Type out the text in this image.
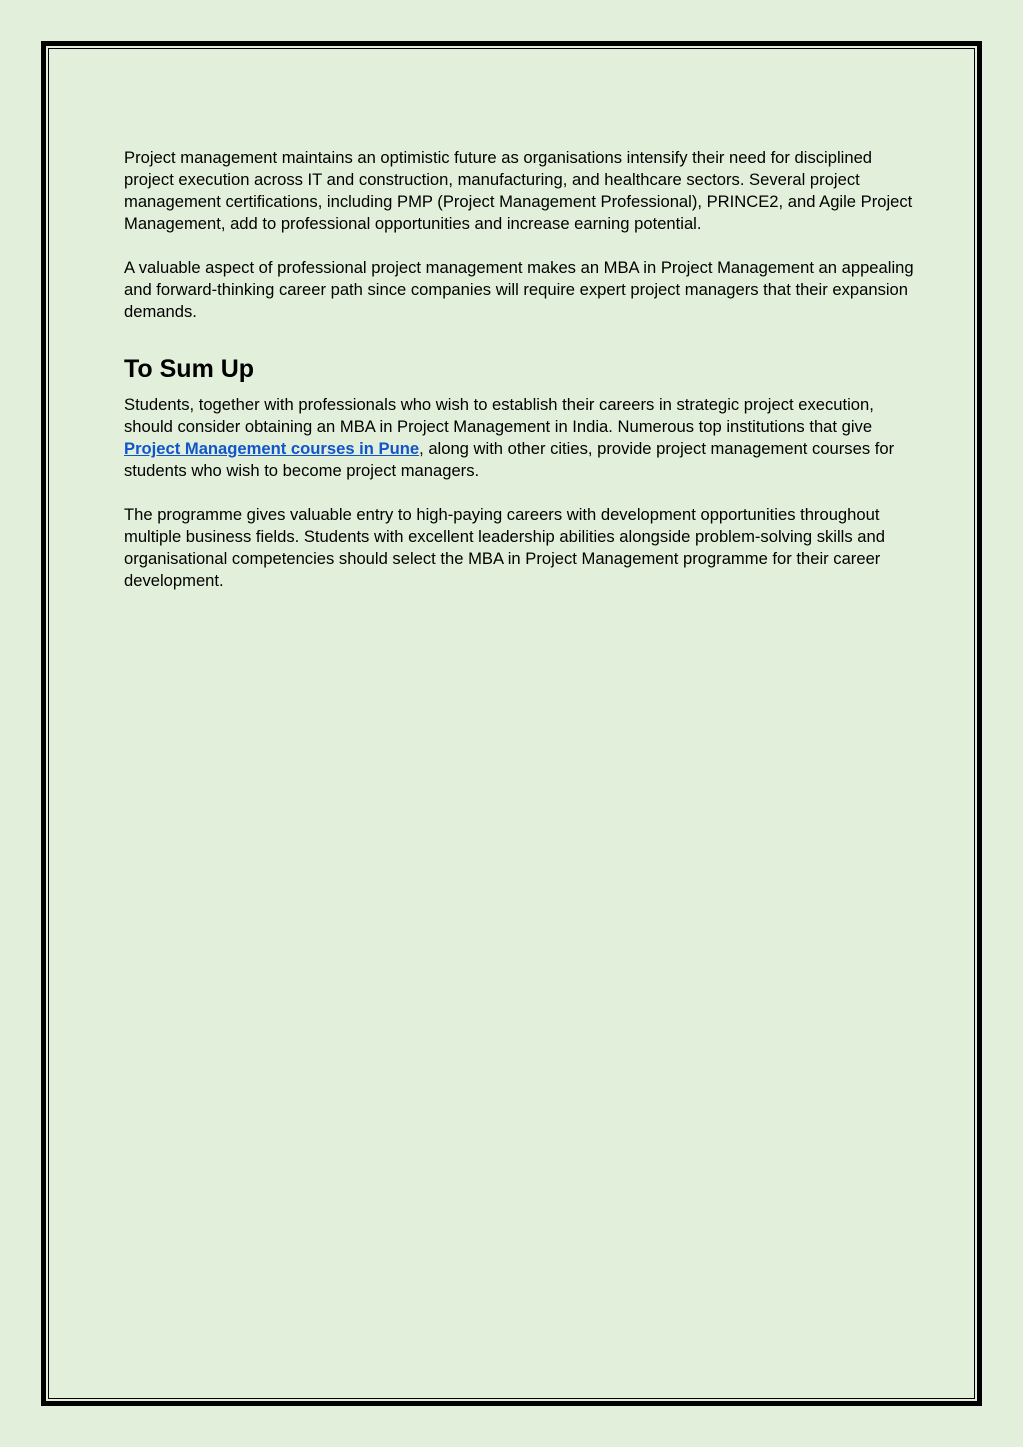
Project management maintains an optimistic future as organisations intensify their need for disciplined project execution across IT and construction, manufacturing, and healthcare sectors. Several project management certifications, including PMP (Project Management Professional), PRINCE2, and Agile Project Management, add to professional opportunities and increase earning potential.

A valuable aspect of professional project management makes an MBA in Project Management an appealing and forward-thinking career path since companies will require expert project managers that their expansion demands.

To Sum Up

Students, together with professionals who wish to establish their careers in strategic project execution, should consider obtaining an MBA in Project Management in India. Numerous top institutions that give Project Management courses in Pune, along with other cities, provide project management courses for students who wish to become project managers.

The programme gives valuable entry to high-paying careers with development opportunities throughout multiple business fields. Students with excellent leadership abilities alongside problem-solving skills and organisational competencies should select the MBA in Project Management programme for their career development.
